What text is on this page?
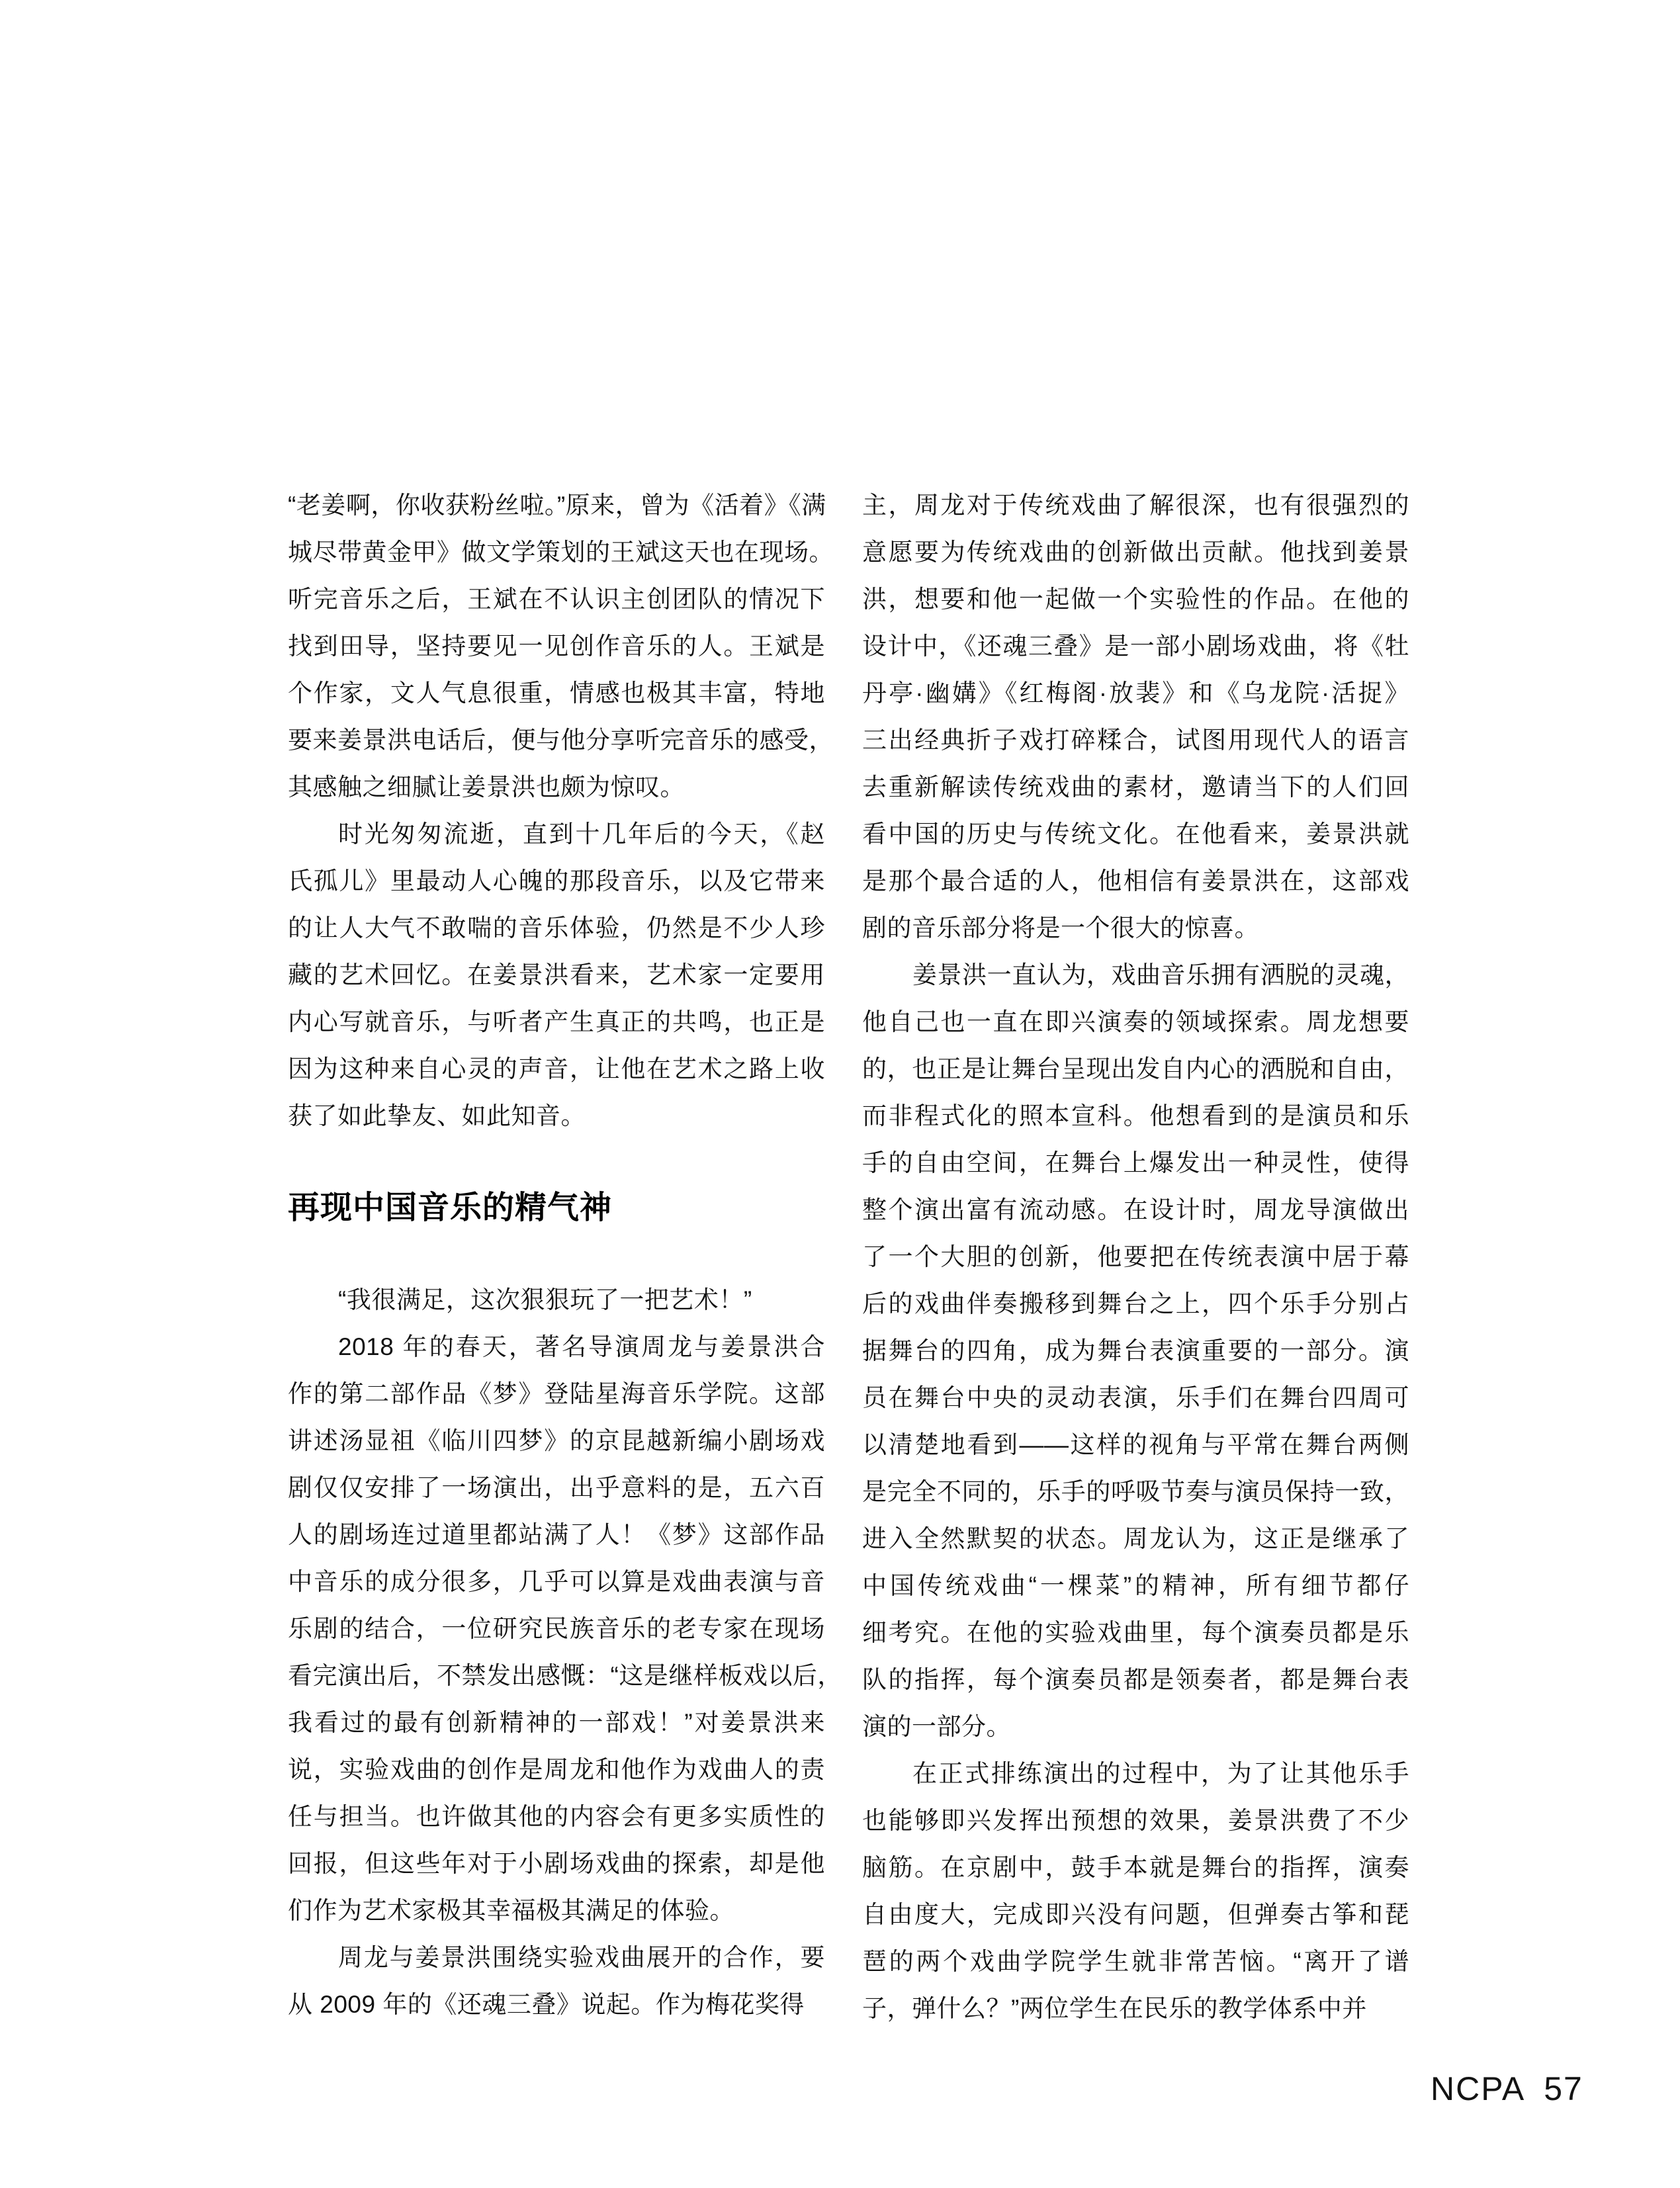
“老姜啊，你收获粉丝啦。”原来，曾为《活着》《满
城尽带黄金甲》做文学策划的王斌这天也在现场。
听完音乐之后，王斌在不认识主创团队的情况下
找到田导，坚持要见一见创作音乐的人。王斌是
个作家，文人气息很重，情感也极其丰富，特地
要来姜景洪电话后，便与他分享听完音乐的感受，
其感触之细腻让姜景洪也颇为惊叹。
时光匆匆流逝，直到十几年后的今天，《赵
氏孤儿》里最动人心魄的那段音乐，以及它带来
的让人大气不敢喘的音乐体验，仍然是不少人珍
藏的艺术回忆。在姜景洪看来，艺术家一定要用
内心写就音乐，与听者产生真正的共鸣，也正是
因为这种来自心灵的声音，让他在艺术之路上收
获了如此挚友、如此知音。
再现中国音乐的精气神
“我很满足，这次狠狠玩了一把艺术！”
2018 年的春天，著名导演周龙与姜景洪合
作的第二部作品《梦》登陆星海音乐学院。这部
讲述汤显祖《临川四梦》的京昆越新编小剧场戏
剧仅仅安排了一场演出，出乎意料的是，五六百
人的剧场连过道里都站满了人！《梦》这部作品
中音乐的成分很多，几乎可以算是戏曲表演与音
乐剧的结合，一位研究民族音乐的老专家在现场
看完演出后，不禁发出感慨：“这是继样板戏以后，
我看过的最有创新精神的一部戏！”对姜景洪来
说，实验戏曲的创作是周龙和他作为戏曲人的责
任与担当。也许做其他的内容会有更多实质性的
回报，但这些年对于小剧场戏曲的探索，却是他
们作为艺术家极其幸福极其满足的体验。
周龙与姜景洪围绕实验戏曲展开的合作，要
从 2009 年的《还魂三叠》说起。作为梅花奖得
主，周龙对于传统戏曲了解很深，也有很强烈的
意愿要为传统戏曲的创新做出贡献。他找到姜景
洪，想要和他一起做一个实验性的作品。在他的
设计中，《还魂三叠》是一部小剧场戏曲，将《牡
丹亭·幽媾》《红梅阁·放裴》和《乌龙院·活捉》
三出经典折子戏打碎糅合，试图用现代人的语言
去重新解读传统戏曲的素材，邀请当下的人们回
看中国的历史与传统文化。在他看来，姜景洪就
是那个最合适的人，他相信有姜景洪在，这部戏
剧的音乐部分将是一个很大的惊喜。
姜景洪一直认为，戏曲音乐拥有洒脱的灵魂，
他自己也一直在即兴演奏的领域探索。周龙想要
的，也正是让舞台呈现出发自内心的洒脱和自由，
而非程式化的照本宣科。他想看到的是演员和乐
手的自由空间，在舞台上爆发出一种灵性，使得
整个演出富有流动感。在设计时，周龙导演做出
了一个大胆的创新，他要把在传统表演中居于幕
后的戏曲伴奏搬移到舞台之上，四个乐手分别占
据舞台的四角，成为舞台表演重要的一部分。演
员在舞台中央的灵动表演，乐手们在舞台四周可
以清楚地看到——这样的视角与平常在舞台两侧
是完全不同的，乐手的呼吸节奏与演员保持一致，
进入全然默契的状态。周龙认为，这正是继承了
中国传统戏曲“一棵菜”的精神，所有细节都仔
细考究。在他的实验戏曲里，每个演奏员都是乐
队的指挥，每个演奏员都是领奏者，都是舞台表
演的一部分。
在正式排练演出的过程中，为了让其他乐手
也能够即兴发挥出预想的效果，姜景洪费了不少
脑筋。在京剧中，鼓手本就是舞台的指挥，演奏
自由度大，完成即兴没有问题，但弹奏古筝和琵
琶的两个戏曲学院学生就非常苦恼。“离开了谱
子，弹什么？”两位学生在民乐的教学体系中并
NCPA 57
